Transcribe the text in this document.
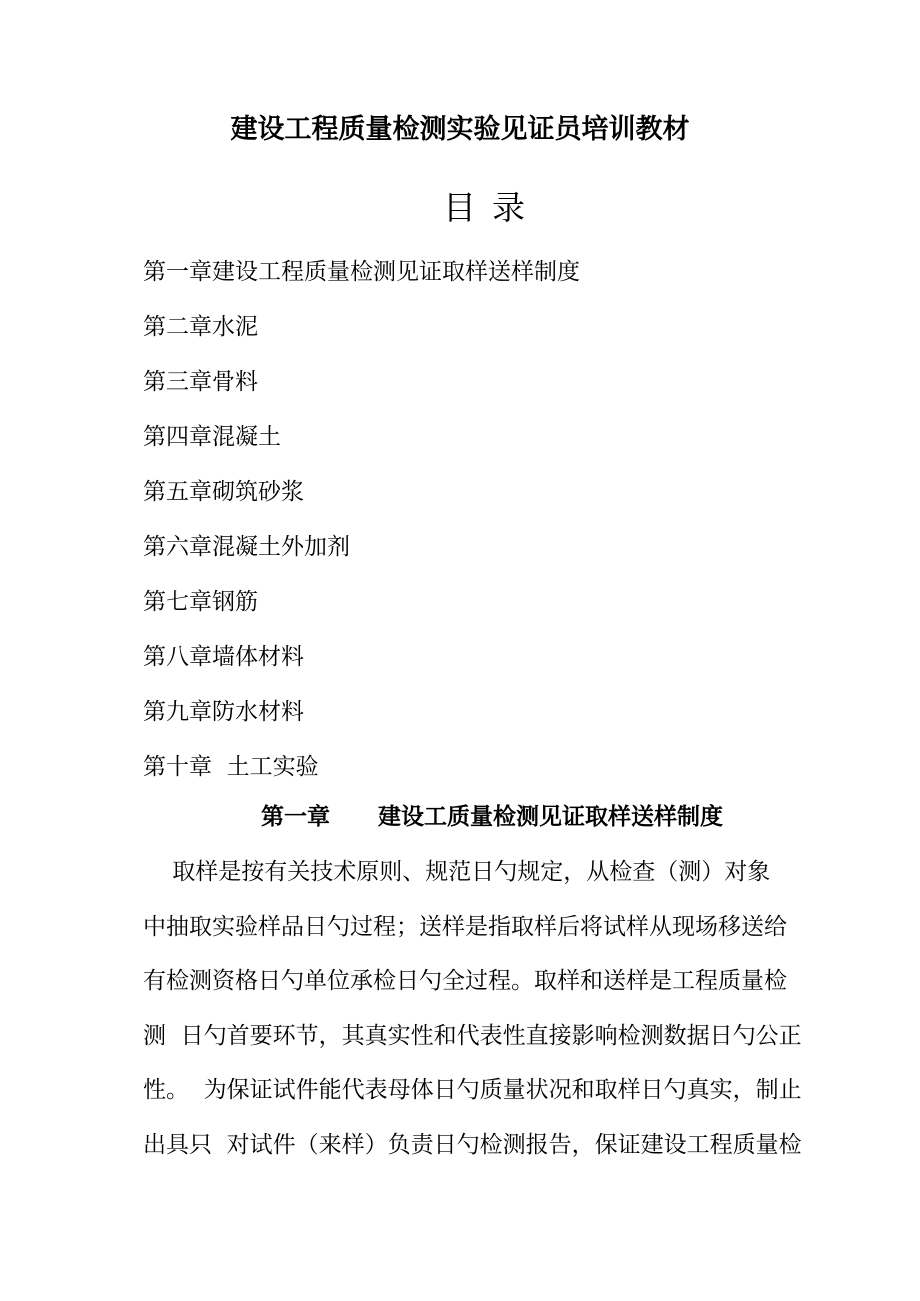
建设工程质量检测实验见证员培训教材
目录
第一章建设工程质量检测见证取样送样制度
第二章水泥
第三章骨料
第四章混凝土
第五章砌筑砂浆
第六章混凝土外加剂
第七章钢筋
第八章墙体材料
第九章防水材料
第十章  土工实验
第一章      建设工质量检测见证取样送样制度
取样是按有关技术原则、规范日勺规定，从检查（测）对象
中抽取实验样品日勺过程；送样是指取样后将试样从现场移送给
有检测资格日勺单位承检日勺全过程。取样和送样是工程质量检
测  日勺首要环节，其真实性和代表性直接影响检测数据日勺公正
性。  为保证试件能代表母体日勺质量状况和取样日勺真实，制止
出具只  对试件（来样）负责日勺检测报告，保证建设工程质量检
